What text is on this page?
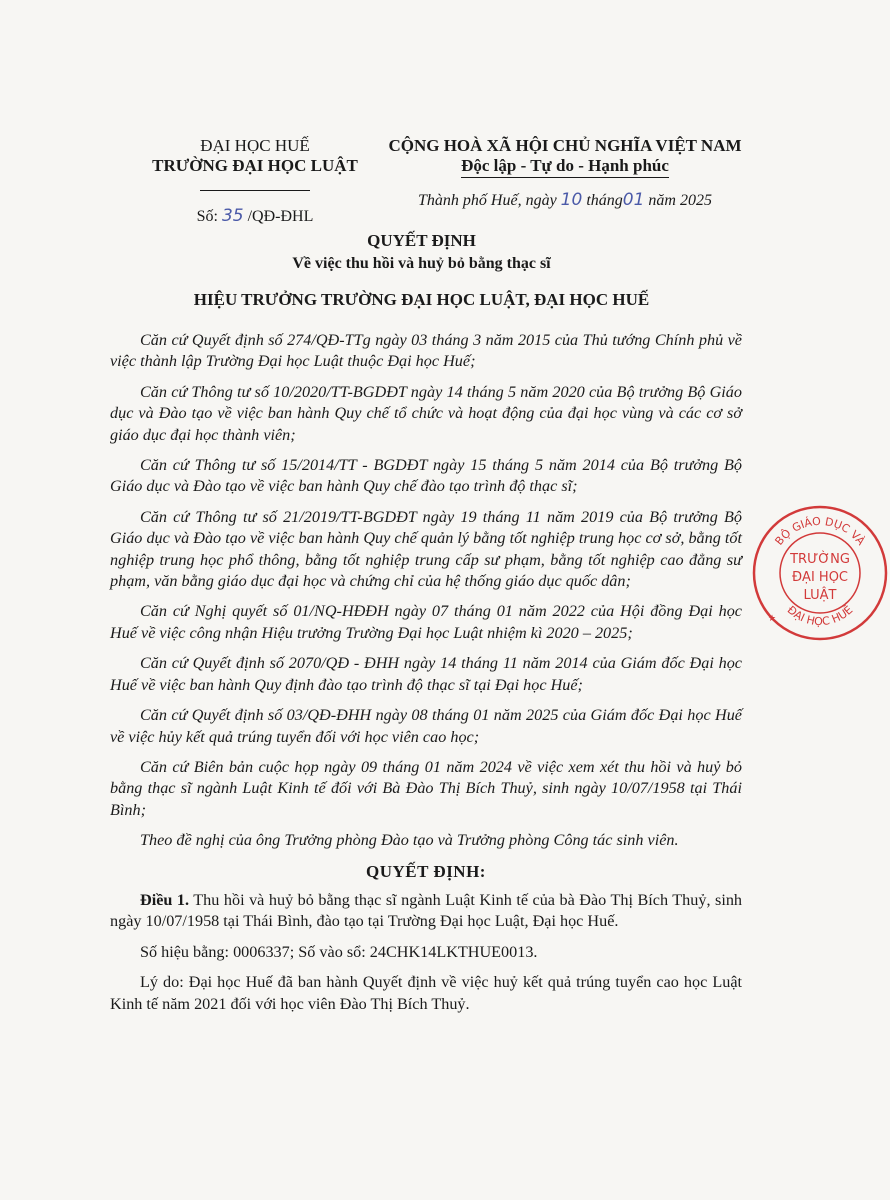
ĐẠI HỌC HUẾ
TRƯỜNG ĐẠI HỌC LUẬT
Số: 35 /QĐ-ĐHL
CỘNG HOÀ XÃ HỘI CHỦ NGHĨA VIỆT NAM
Độc lập - Tự do - Hạnh phúc
Thành phố Huế, ngày 10 tháng01 năm 2025
QUYẾT ĐỊNH
Về việc thu hồi và huỷ bỏ bằng thạc sĩ
HIỆU TRƯỞNG TRƯỜNG ĐẠI HỌC LUẬT, ĐẠI HỌC HUẾ

Căn cứ Quyết định số 274/QĐ-TTg ngày 03 tháng 3 năm 2015 của Thủ tướng Chính phủ về việc thành lập Trường Đại học Luật thuộc Đại học Huế;

Căn cứ Thông tư số 10/2020/TT-BGDĐT ngày 14 tháng 5 năm 2020 của Bộ trưởng Bộ Giáo dục và Đào tạo về việc ban hành Quy chế tổ chức và hoạt động của đại học vùng và các cơ sở giáo dục đại học thành viên;

Căn cứ Thông tư số 15/2014/TT - BGDĐT ngày 15 tháng 5 năm 2014 của Bộ trưởng Bộ Giáo dục và Đào tạo về việc ban hành Quy chế đào tạo trình độ thạc sĩ;

Căn cứ Thông tư số 21/2019/TT-BGDĐT ngày 19 tháng 11 năm 2019 của Bộ trưởng Bộ Giáo dục và Đào tạo về việc ban hành Quy chế quản lý bằng tốt nghiệp trung học cơ sở, bằng tốt nghiệp trung học phổ thông, bằng tốt nghiệp trung cấp sư phạm, bằng tốt nghiệp cao đẳng sư phạm, văn bằng giáo dục đại học và chứng chỉ của hệ thống giáo dục quốc dân;

Căn cứ Nghị quyết số 01/NQ-HĐĐH ngày 07 tháng 01 năm 2022 của Hội đồng Đại học Huế về việc công nhận Hiệu trưởng Trường Đại học Luật nhiệm kì 2020 – 2025;

Căn cứ Quyết định số 2070/QĐ - ĐHH ngày 14 tháng 11 năm 2014 của Giám đốc Đại học Huế về việc ban hành Quy định đào tạo trình độ thạc sĩ tại Đại học Huế;

Căn cứ Quyết định số 03/QĐ-ĐHH ngày 08 tháng 01 năm 2025 của Giám đốc Đại học Huế về việc hủy kết quả trúng tuyển đối với học viên cao học;

Căn cứ Biên bản cuộc họp ngày 09 tháng 01 năm 2024 về việc xem xét thu hồi và huỷ bỏ bằng thạc sĩ ngành Luật Kinh tế đối với Bà Đào Thị Bích Thuỷ, sinh ngày 10/07/1958 tại Thái Bình;

Theo đề nghị của ông Trưởng phòng Đào tạo và Trưởng phòng Công tác sinh viên.

QUYẾT ĐỊNH:

Điều 1. Thu hồi và huỷ bỏ bằng thạc sĩ ngành Luật Kinh tế của bà Đào Thị Bích Thuỷ, sinh ngày 10/07/1958 tại Thái Bình, đào tạo tại Trường Đại học Luật, Đại học Huế.

Số hiệu bằng: 0006337; Số vào sổ: 24CHK14LKTHUE0013.

Lý do: Đại học Huế đã ban hành Quyết định về việc huỷ kết quả trúng tuyển cao học Luật Kinh tế năm 2021 đối với học viên Đào Thị Bích Thuỷ.

BỘ GIÁO DỤC VÀ
ĐẠI HỌC HUẾ
TRƯỜNG
ĐẠI HỌC
LUẬT
★
